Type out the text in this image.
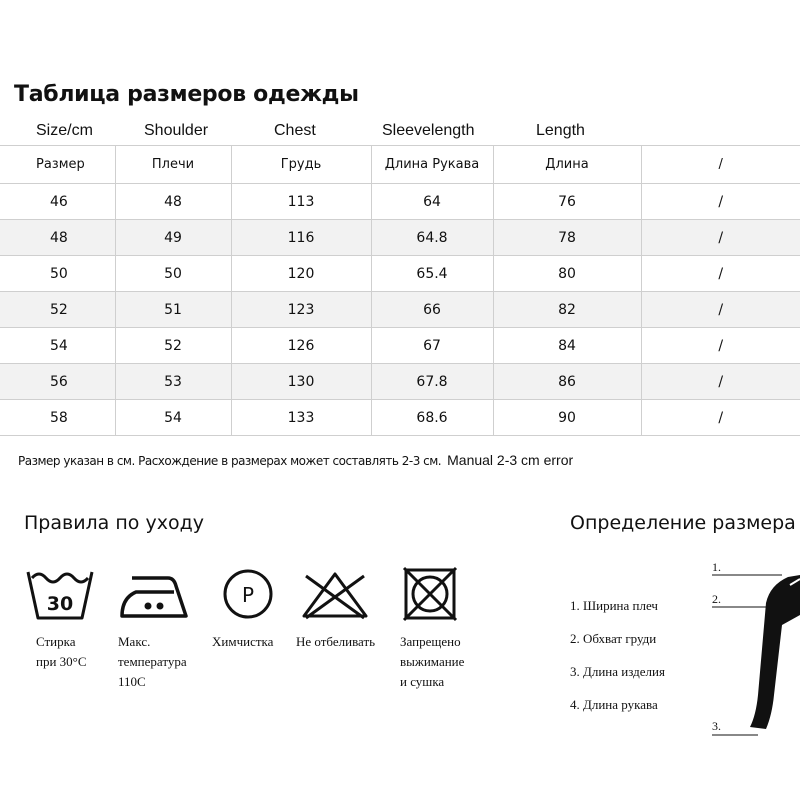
Таблица размеров одежды
Size/cm	Shoulder	Chest	Sleevelength	Length
Размер	Плечи	Грудь	Длина Рукава	Длина	/
46	48	113	64	76	/
48	49	116	64.8	78	/
50	50	120	65.4	80	/
52	51	123	66	82	/
54	52	126	67	84	/
56	53	130	67.8	86	/
58	54	133	68.6	90	/
Размер указан в см. Расхождение в размерах может составлять 2-3 см. Manual 2-3 cm error
Правила по уходу
30
Стирка
при 30°C
Макс.
температура
110С
P
Химчистка Не отбеливать Запрещено
выжимание
и сушка
Определение размера
1. Ширина плеч
2. Обхват груди
3. Длина изделия
4. Длина рукава
1.
2.
3.
